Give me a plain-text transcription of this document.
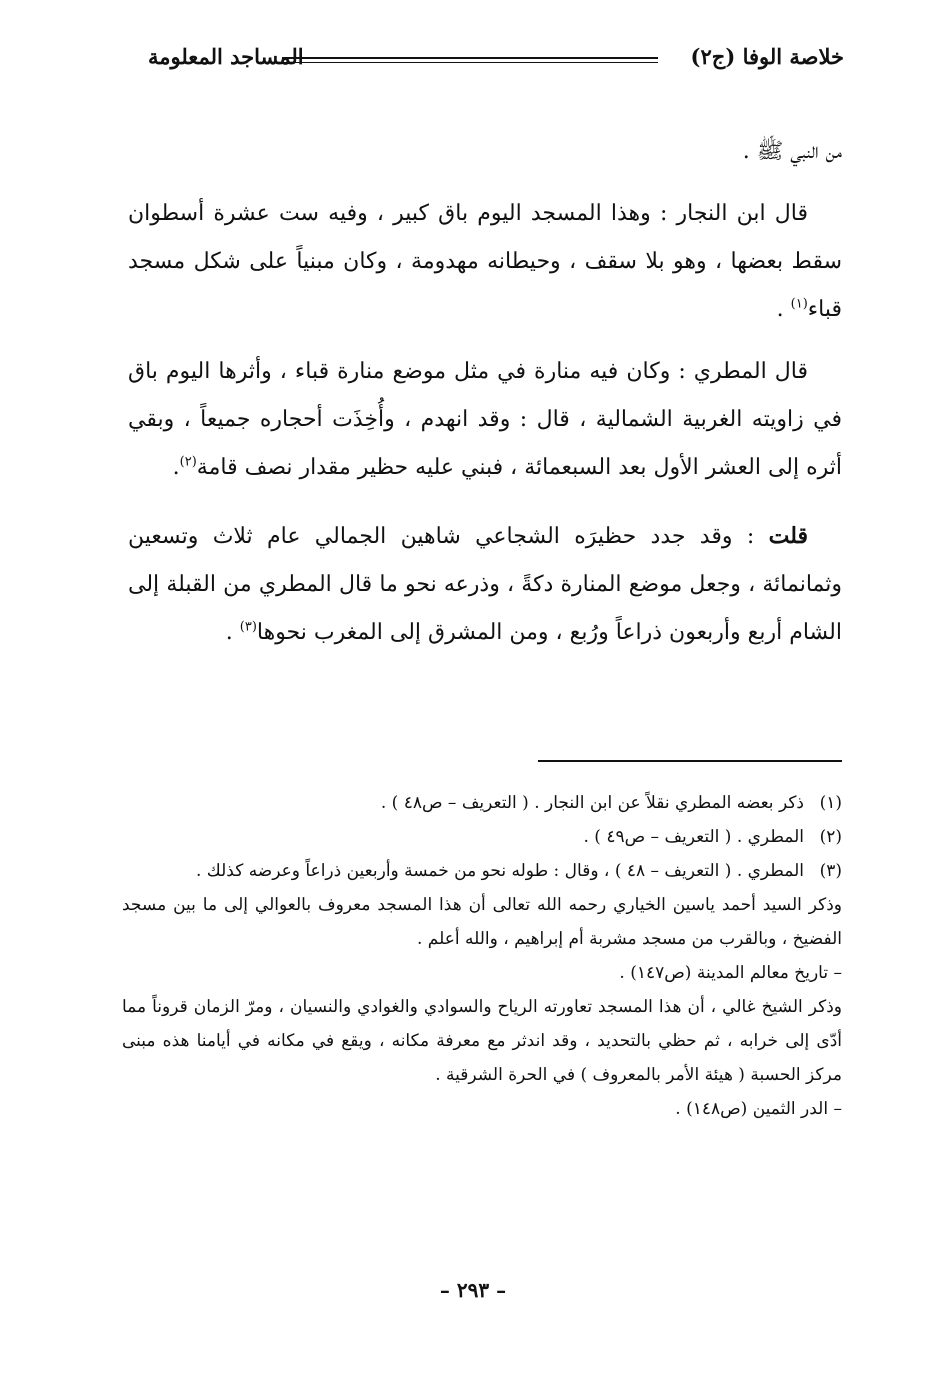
خلاصة الوفا (ج٢)
المساجد المعلومة

من النبي ﷺ .

قال ابن النجار : وهذا المسجد اليوم باق كبير ، وفيه ست عشرة أسطوان سقط بعضها ، وهو بلا سقف ، وحيطانه مهدومة ، وكان مبنياً على شكل مسجد قباء$^{(١)}$ .

قال المطري : وكان فيه منارة في مثل موضع منارة قباء ، وأثرها اليوم باق في زاويته الغربية الشمالية ، قال : وقد انهدم ، وأُخِذَت أحجاره جميعاً ، وبقي أثره إلى العشر الأول بعد السبعمائة ، فبني عليه حظير مقدار نصف قامة$^{(٢)}$.

قلت : وقد جدد حظيرَه الشجاعي شاهين الجمالي عام ثلاث وتسعين وثمانمائة ، وجعل موضع المنارة دكةً ، وذرعه نحو ما قال المطري من القبلة إلى الشام أربع وأربعون ذراعاً ورُبع ، ومن المشرق إلى المغرب نحوها$^{(٣)}$ .

(١)ذكر بعضه المطري نقلاً عن ابن النجار . ( التعريف – ص٤٨ ) .

(٢)المطري . ( التعريف – ص٤٩ ) .

(٣)المطري . ( التعريف – ٤٨ ) ، وقال : طوله نحو من خمسة وأربعين ذراعاً وعرضه كذلك .

وذكر السيد أحمد ياسين الخياري رحمه الله تعالى أن هذا المسجد معروف بالعوالي إلى ما بين مسجد الفضيخ ، وبالقرب من مسجد مشربة أم إبراهيم ، والله أعلم .

– تاريخ معالم المدينة (ص١٤٧) .

وذكر الشيخ غالي ، أن هذا المسجد تعاورته الرياح والسوادي والغوادي والنسيان ، ومرّ الزمان قروناً مما أدّى إلى خرابه ، ثم حظي بالتحديد ، وقد اندثر مع معرفة مكانه ، ويقع في مكانه في أيامنا هذه مبنى مركز الحسبة ( هيئة الأمر بالمعروف ) في الحرة الشرقية .

– الدر الثمين (ص١٤٨) .

– ٢٩٣ –
